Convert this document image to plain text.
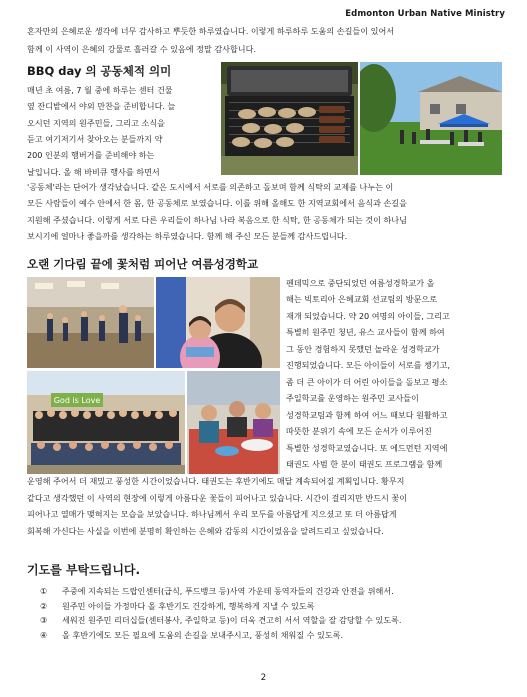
Edmonton Urban Native Ministry

혼자만의 은혜로운 생각에 너무 감사하고 뿌듯한 하루였습니다. 이렇게 하루하루 도움의 손길들이 있어서

함께 이 사역이 은혜의 강물로 흘러갈 수 있음에 정말 감사합니다.

BBQ day 의 공동체적 의미

매년 초 여름, 7 월 중에 하루는 센터 건물

옆 잔디밭에서 야외 만찬을 준비합니다. 늘

오시던 지역의 원주민들, 그리고 소식을

듣고 여기저기서 찾아오는 분들까지 약

200 인분의 햄버거를 준비해야 하는

날입니다. 올 해 바비큐 행사를 하면서

'공동체'라는 단어가 생각났습니다. 같은 도시에서 서로를 의존하고 돌보며 함께 식탁의 교제를 나누는 이

모든 사람들이 예수 안에서 한 몸, 한 공동체로 보였습니다. 이를 위해 올해도 한 지역교회에서 음식과 손길을

지원해 주셨습니다. 이렇게 서로 다른 우리들이 하나님 나라 복음으로 한 식탁, 한 공동체가 되는 것이 하나님

보시기에 얼마나 좋을까를 생각하는 하루였습니다. 함께 해 주신 모든 분들께 감사드립니다.

오랜 기다림 끝에 꽃처럼 피어난 여름성경학교
God is Love

펜데믹으로 중단되었던 여름성경학교가 올

해는 빅토리아 은혜교회 선교팀의 방문으로

재개 되었습니다. 약 20 여명의 아이들, 그리고

특별히 원주민 청년, 유스 교사들이 함께 하여

그 동안 경험하지 못했던 놀라운 성경학교가

진행되었습니다. 모든 아이들이 서로를 챙기고,

좀 더 큰 아이가 더 어린 아이들을 돌보고 평소

주일학교를 운영하는 원주민 교사들이

성경학교팀과 함께 하여 어느 때보다 원활하고

따뜻한 분위기 속에 모든 순서가 이루어진

특별한 성경학교였습니다. 또 에드먼턴 지역에

태권도 사범 한 분이 태권도 프로그램을 함께

운영해 주어서 더 재밌고 풍성한 시간이었습니다. 태권도는 후반기에도 매달 계속되어질 계획입니다. 황무지

같다고 생각했던 이 사역의 현장에 이렇게 아름다운 꽃들이 피어나고 있습니다. 시간이 걸리지만 반드시 꽃이

피어나고 열매가 맺혀지는 모습을 보았습니다. 하나님께서 우리 모두를 아름답게 지으셨고 또 더 아름답게

회복해 가신다는 사실을 이번에 분명히 확인하는 은혜와 감동의 시간이었음을 알려드리고 싶었습니다.

기도를 부탁드립니다.
①	주중에 지속되는 드랍인센터(급식, 푸드뱅크 등)사역 가운데 동역자들의 건강과 안전을 위해서.
②	원주민 아이들 가정마다 올 후반기도 건강하게, 행복하게 지낼 수 있도록
③	세워진 원주민 리더십들(센터봉사, 주일학교 등)이 더욱 견고히 서서 역할을 잘 감당할 수 있도록.
④	올 후반기에도 모든 필요에 도움의 손길을 보내주시고, 풍성히 채워질 수 있도록.
2
